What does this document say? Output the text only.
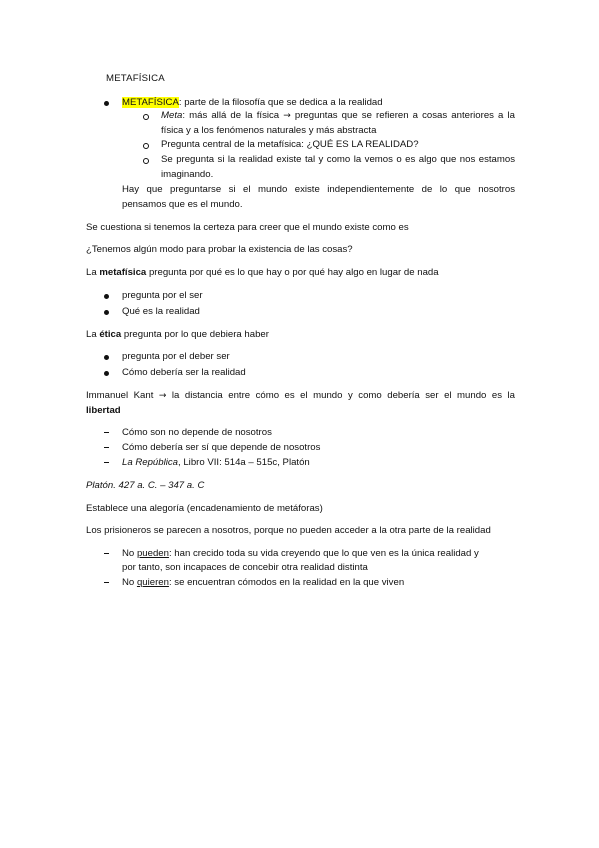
METAFÍSICA
METAFÍSICA: parte de la filosofía que se dedica a la realidad
Meta: más allá de la física → preguntas que se refieren a cosas anteriores a la
física y a los fenómenos naturales y más abstracta
Pregunta central de la metafísica: ¿QUÉ ES LA REALIDAD?
Se pregunta si la realidad existe tal y como la vemos o es algo que nos estamos
imaginando.
Hay que preguntarse si el mundo existe independientemente de lo que nosotros
pensamos que es el mundo.
Se cuestiona si tenemos la certeza para creer que el mundo existe como es
¿Tenemos algún modo para probar la existencia de las cosas?
La metafísica pregunta por qué es lo que hay o por qué hay algo en lugar de nada
pregunta por el ser
Qué es la realidad
La ética pregunta por lo que debiera haber
pregunta por el deber ser
Cómo debería ser la realidad
Immanuel Kant → la distancia entre cómo es el mundo y como debería ser el mundo es la
libertad
Cómo son no depende de nosotros
Cómo debería ser sí que depende de nosotros
La República, Libro VII: 514a – 515c, Platón
Platón. 427 a. C. – 347 a. C
Establece una alegoría (encadenamiento de metáforas)
Los prisioneros se parecen a nosotros, porque no pueden acceder a la otra parte de la realidad
No pueden: han crecido toda su vida creyendo que lo que ven es la única realidad y
por tanto, son incapaces de concebir otra realidad distinta
No quieren: se encuentran cómodos en la realidad en la que viven
